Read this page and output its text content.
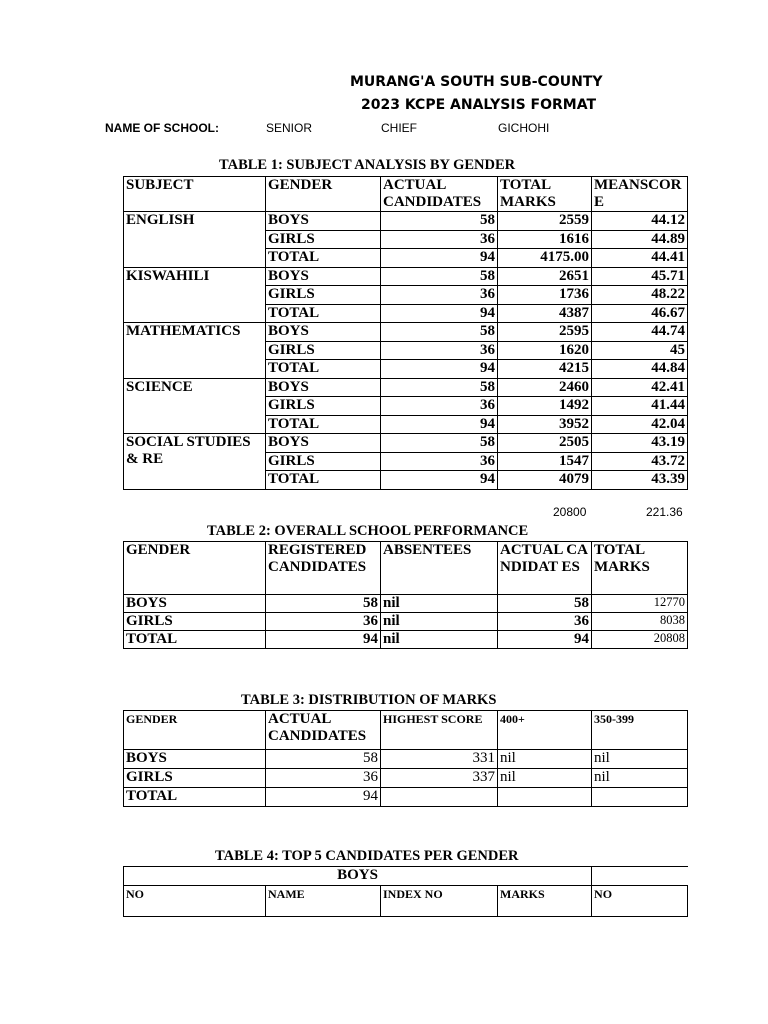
MURANG'A SOUTH SUB-COUNTY
2023 KCPE ANALYSIS FORMAT
NAME OF SCHOOL:	SENIOR	CHIEF	GICHOHI
TABLE 1: SUBJECT ANALYSIS BY GENDER
SUBJECT	GENDER	ACTUAL CANDIDATES	TOTAL MARKS	MEANSCOR E
ENGLISH	BOYS	58	2559	44.12
	GIRLS	36	1616	44.89
	TOTAL	94	4175.00	44.41
KISWAHILI	BOYS	58	2651	45.71
	GIRLS	36	1736	48.22
	TOTAL	94	4387	46.67
MATHEMATICS	BOYS	58	2595	44.74
	GIRLS	36	1620	45
	TOTAL	94	4215	44.84
SCIENCE	BOYS	58	2460	42.41
	GIRLS	36	1492	41.44
	TOTAL	94	3952	42.04
SOCIAL STUDIES & RE	BOYS	58	2505	43.19
	GIRLS	36	1547	43.72
	TOTAL	94	4079	43.39
20800	221.36
TABLE 2: OVERALL SCHOOL PERFORMANCE
GENDER	REGISTERED CANDIDATES	ABSENTEES	ACTUAL CANDIDAT ES	TOTAL MARKS
BOYS	58	nil	58	12770
GIRLS	36	nil	36	8038
TOTAL	94	nil	94	20808
TABLE 3: DISTRIBUTION OF MARKS
GENDER	ACTUAL CANDIDATES	HIGHEST SCORE	400+	350-399
BOYS	58	331	nil	nil
GIRLS	36	337	nil	nil
TOTAL	94			
TABLE 4: TOP 5 CANDIDATES PER GENDER
BOYS				
NO	NAME	INDEX NO	MARKS	NO
